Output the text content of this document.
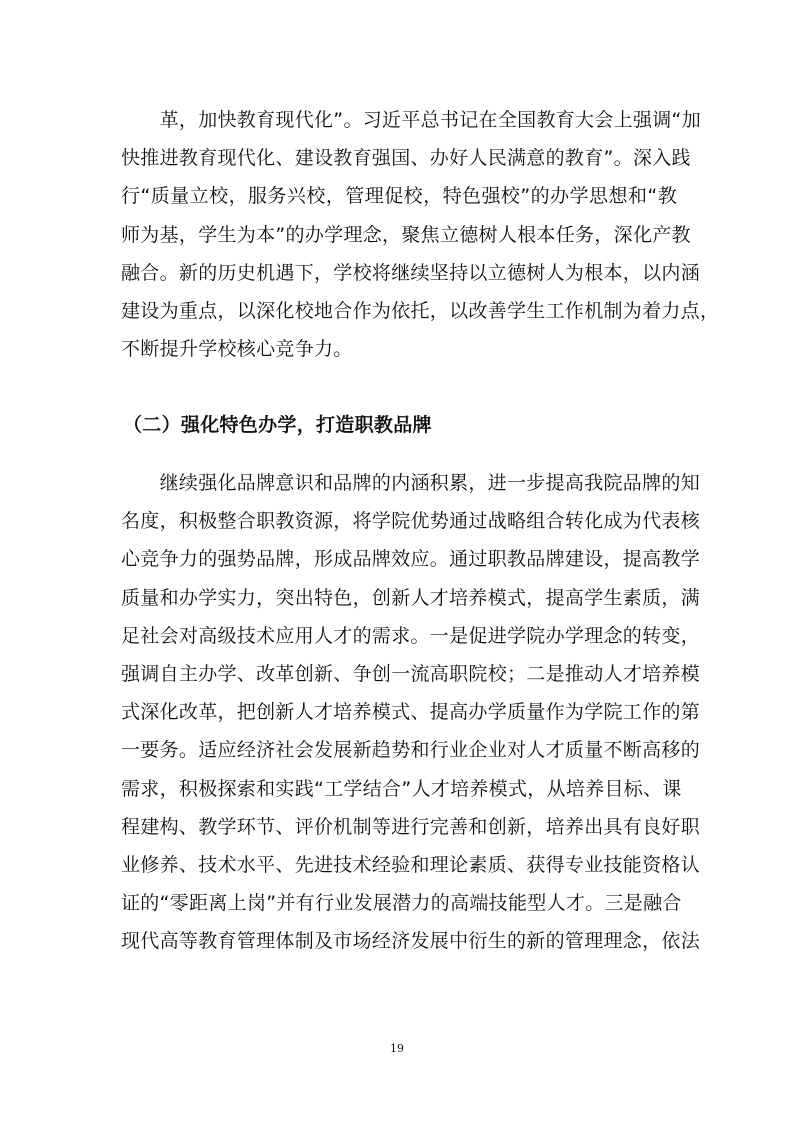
　　革，加快教育现代化”。习近平总书记在全国教育大会上强调“加
快推进教育现代化、建设教育强国、办好人民满意的教育”。深入践
行“质量立校，服务兴校，管理促校，特色强校”的办学思想和“教
师为基，学生为本”的办学理念，聚焦立德树人根本任务，深化产教
融合。新的历史机遇下，学校将继续坚持以立德树人为根本，以内涵
建设为重点，以深化校地合作为依托，以改善学生工作机制为着力点，
不断提升学校核心竞争力。
（二）强化特色办学，打造职教品牌
　　继续强化品牌意识和品牌的内涵积累，进一步提高我院品牌的知
名度，积极整合职教资源，将学院优势通过战略组合转化成为代表核
心竞争力的强势品牌，形成品牌效应。通过职教品牌建设，提高教学
质量和办学实力，突出特色，创新人才培养模式，提高学生素质，满
足社会对高级技术应用人才的需求。一是促进学院办学理念的转变，
强调自主办学、改革创新、争创一流高职院校；二是推动人才培养模
式深化改革，把创新人才培养模式、提高办学质量作为学院工作的第
一要务。适应经济社会发展新趋势和行业企业对人才质量不断高移的
需求，积极探索和实践“工学结合”人才培养模式，从培养目标、课
程建构、教学环节、评价机制等进行完善和创新，培养出具有良好职
业修养、技术水平、先进技术经验和理论素质、获得专业技能资格认
证的“零距离上岗”并有行业发展潜力的高端技能型人才。三是融合
现代高等教育管理体制及市场经济发展中衍生的新的管理理念，依法
19
